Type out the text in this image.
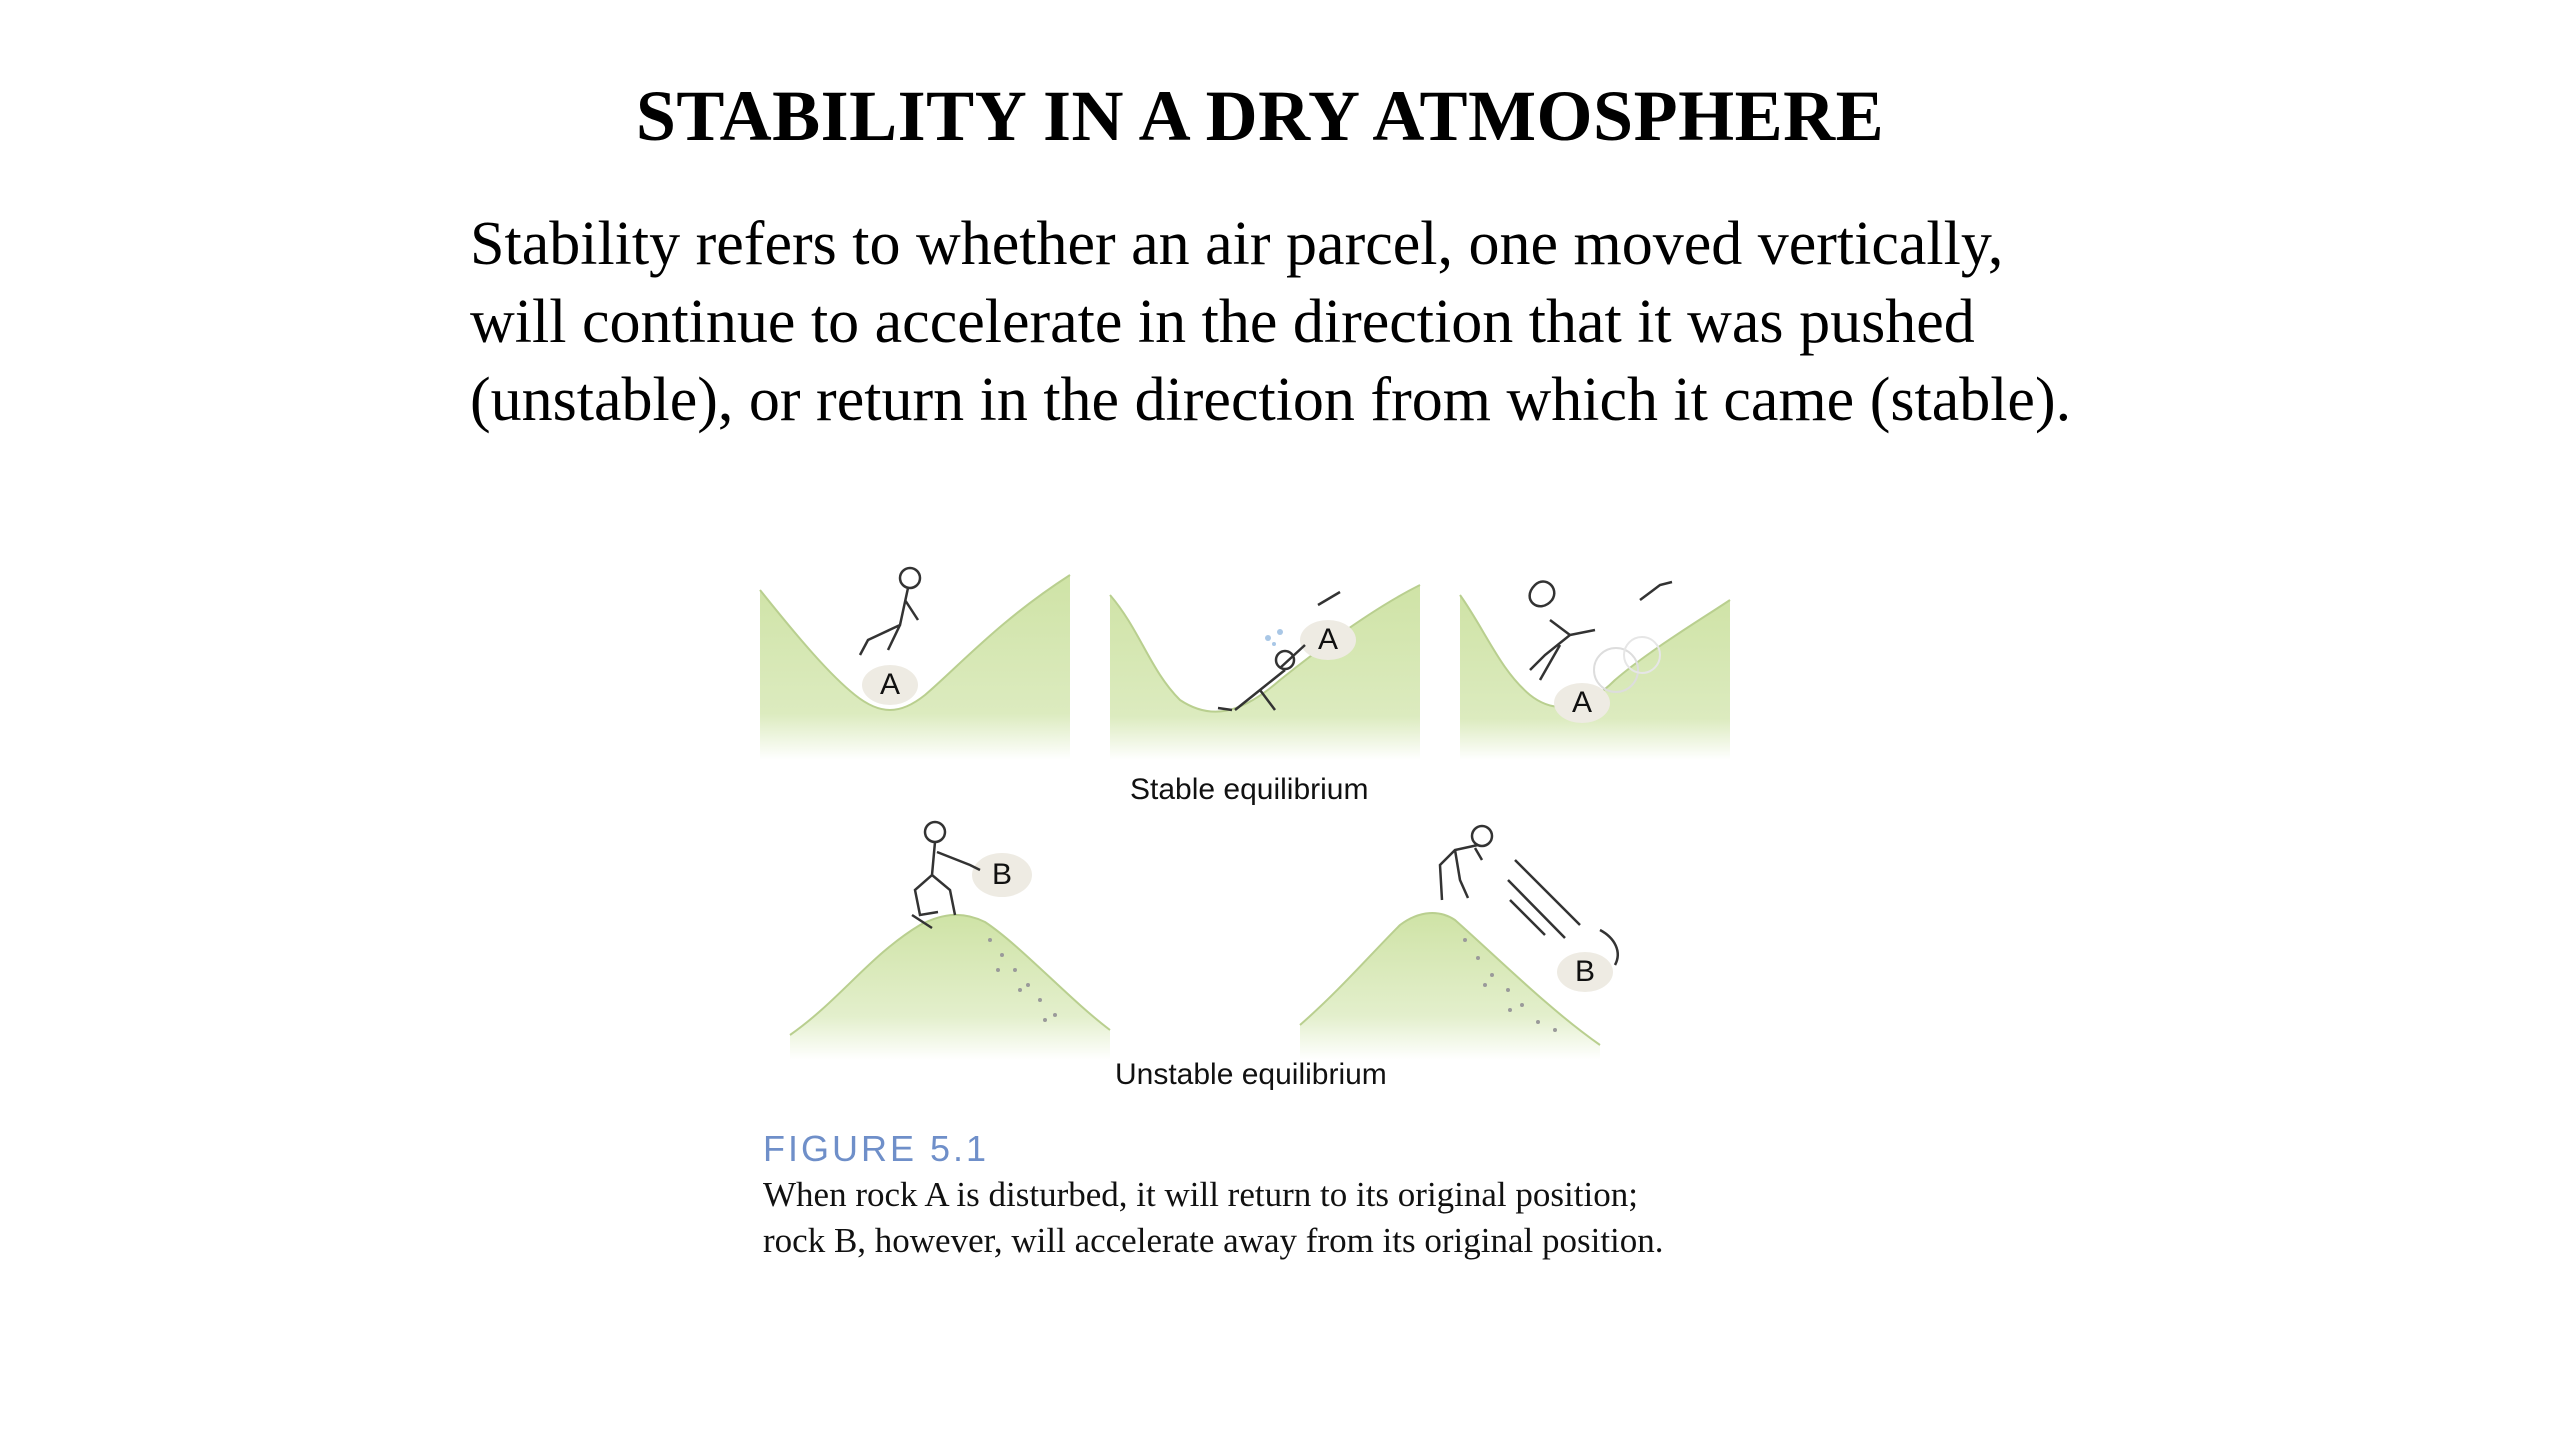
STABILITY IN A DRY ATMOSPHERE
Stability refers to whether an air parcel, one moved vertically,
will continue to accelerate in the direction that it was pushed
(unstable), or return in the direction from which it came (stable).
A
A
A
B
B
Stable equilibrium
Unstable equilibrium
FIGURE 5.1
When rock A is disturbed, it will return to its original position;
rock B, however, will accelerate away from its original position.
